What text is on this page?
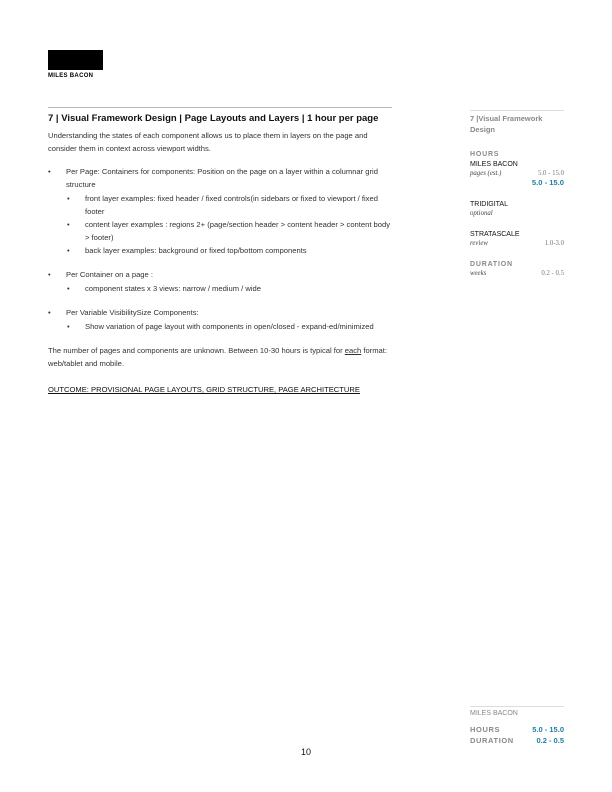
MILES BACON
7 | Visual Framework Design | Page Layouts and Layers | 1 hour per page

Understanding the states of each component allows us to place them in layers on the page and consider them in context across viewport widths.

• Per Page: Containers for components: Position on the page on a layer within a columnar grid structure
• front layer examples: fixed header / fixed controls(in sidebars or fixed to viewport / fixed footer
• content layer examples : regions 2+ (page/section header > content header > content body > footer)
• back layer examples: background or fixed top/bottom components
• Per Container on a page :
• component states x 3 views: narrow / medium / wide
• Per Variable VisibilitySize Components:
• Show variation of page layout with components in open/closed - expand-ed/minimized

The number of pages and components are unknown. Between 10-30 hours is typical for each format: web/tablet and mobile.

OUTCOME: PROVISIONAL PAGE LAYOUTS, GRID STRUCTURE, PAGE ARCHITECTURE
7 |Visual Framework Design
HOURS
MILES BACON
pages (est.)	5.0 - 15.0
5.0 - 15.0
TRIDIGITAL
optional
STRATASCALE
review	1.0-3.0
DURATION
weeks	0.2 - 0.5
MILES BACON
HOURS	5.0 - 15.0
DURATION	0.2 - 0.5
10
